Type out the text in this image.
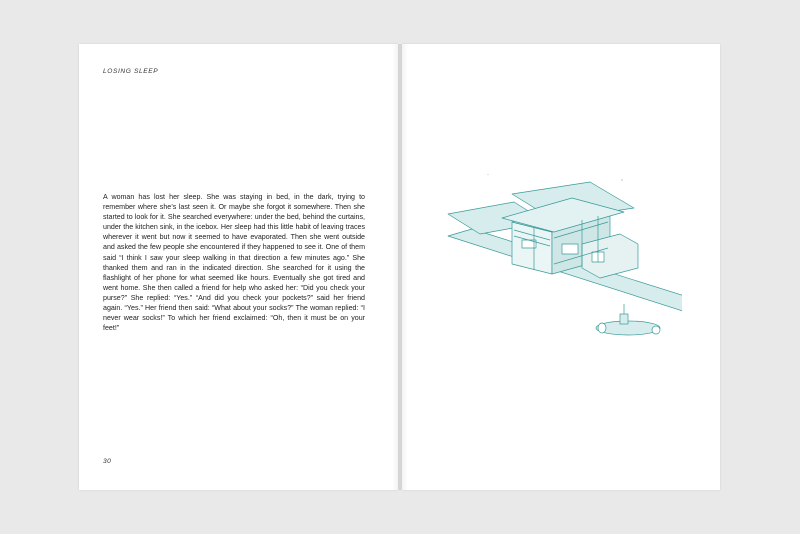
LOSING SLEEP

A woman has lost her sleep. She was staying in bed, in the dark, trying to remember where she’s last seen it. Or maybe she forgot it somewhere. Then she started to look for it. She searched everywhere: under the bed, behind the curtains, under the kitchen sink, in the icebox. Her sleep had this little habit of leaving traces wherever it went but now it seemed to have evaporated. Then she went outside and asked the few people she encountered if they happened to see it. One of them said “I think I saw your sleep walking in that direction a few minutes ago.” She thanked them and ran in the indicated direction. She searched for it using the flashlight of her phone for what seemed like hours. Eventually she got tired and went home. She then called a friend for help who asked her: “Did you check your purse?” She replied: “Yes.” “And did you check your pockets?” said her friend again. “Yes.” Her friend then said: “What about your socks?” The woman replied: “I never wear socks!” To which her friend exclaimed: “Oh, then it must be on your feet!”

30
